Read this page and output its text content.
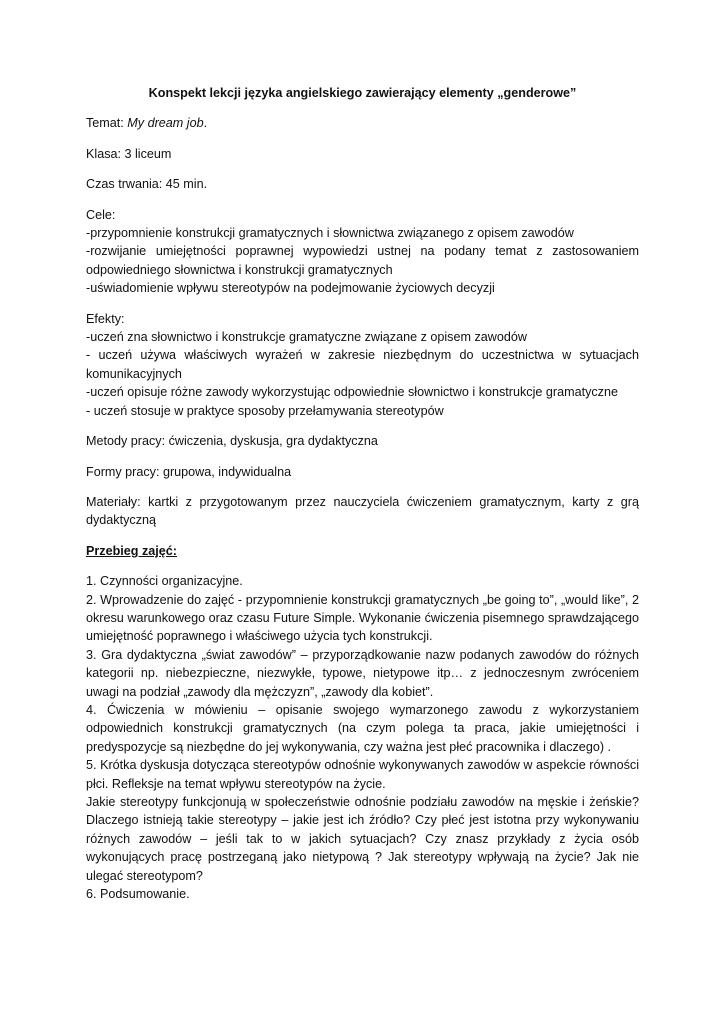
Konspekt lekcji języka angielskiego zawierający elementy „genderowe”

Temat: My dream job.

Klasa: 3 liceum

Czas trwania: 45 min.

Cele:

-przypomnienie konstrukcji gramatycznych i słownictwa związanego z opisem zawodów

-rozwijanie umiejętności poprawnej wypowiedzi ustnej na podany temat z zastosowaniem odpowiedniego słownictwa i konstrukcji gramatycznych

-uświadomienie wpływu stereotypów na podejmowanie życiowych decyzji

Efekty:

-uczeń zna słownictwo i konstrukcje gramatyczne związane z opisem zawodów

- uczeń używa właściwych wyrażeń w zakresie niezbędnym do uczestnictwa w sytuacjach komunikacyjnych

-uczeń opisuje różne zawody wykorzystując odpowiednie słownictwo i konstrukcje gramatyczne

- uczeń stosuje w praktyce sposoby przełamywania stereotypów

Metody pracy: ćwiczenia, dyskusja, gra dydaktyczna

Formy pracy: grupowa, indywidualna

Materiały: kartki z przygotowanym przez nauczyciela ćwiczeniem gramatycznym, karty z grą dydaktyczną

Przebieg zajęć:

1. Czynności organizacyjne.

2. Wprowadzenie do zajęć - przypomnienie konstrukcji gramatycznych „be going to”, „would like”, 2 okresu warunkowego oraz czasu Future Simple. Wykonanie ćwiczenia pisemnego sprawdzającego umiejętność poprawnego i właściwego użycia tych konstrukcji.

3. Gra dydaktyczna „świat zawodów” – przyporządkowanie nazw podanych zawodów do różnych kategorii np. niebezpieczne, niezwykłe, typowe, nietypowe itp… z jednoczesnym zwróceniem uwagi na podział „zawody dla mężczyzn”, „zawody dla kobiet”.

4. Ćwiczenia w mówieniu – opisanie swojego wymarzonego zawodu z wykorzystaniem odpowiednich konstrukcji gramatycznych (na czym polega ta praca, jakie umiejętności i predyspozycje są niezbędne do jej wykonywania, czy ważna jest płeć pracownika i dlaczego) .

5. Krótka dyskusja dotycząca stereotypów odnośnie wykonywanych zawodów w aspekcie równości płci. Refleksje na temat wpływu stereotypów na życie.

Jakie stereotypy funkcjonują w społeczeństwie odnośnie podziału zawodów na męskie i żeńskie? Dlaczego istnieją takie stereotypy – jakie jest ich źródło? Czy płeć jest istotna przy wykonywaniu różnych zawodów – jeśli tak to w jakich sytuacjach? Czy znasz przykłady z życia osób wykonujących pracę postrzeganą jako nietypową ? Jak stereotypy wpływają na życie? Jak nie ulegać stereotypom?

6. Podsumowanie.
